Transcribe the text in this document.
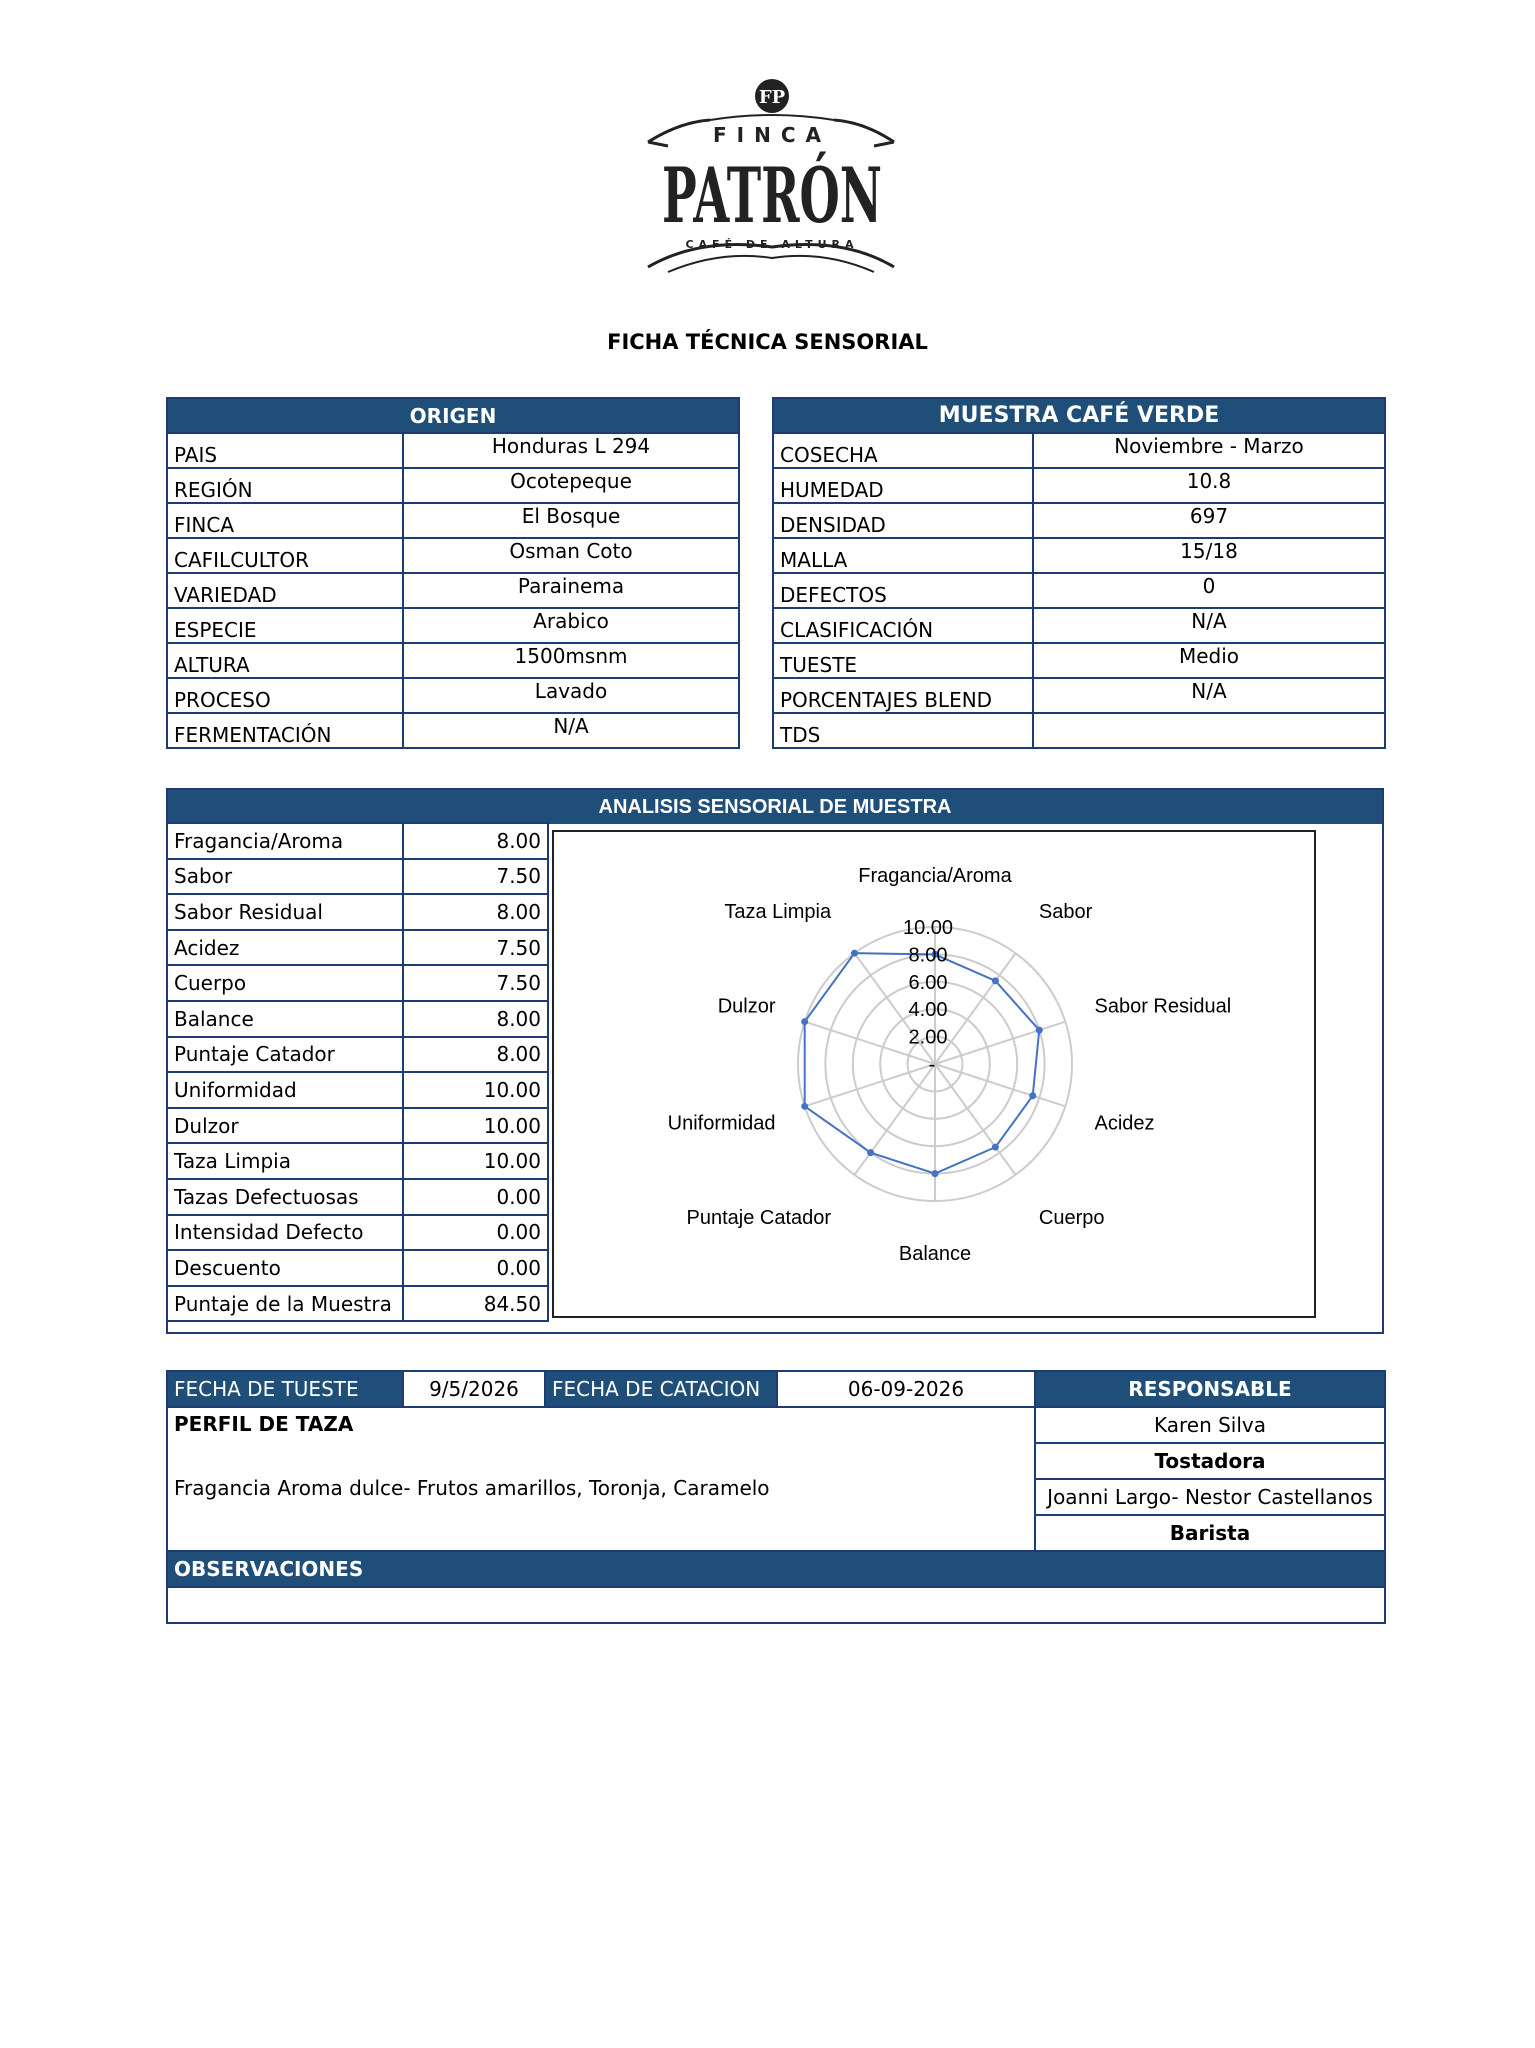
FP
FINCA
PATRÓN
CAFÉ DE ALTURA
FICHA TÉCNICA SENSORIAL
ORIGEN	
PAIS	Honduras L 294
REGIÓN	Ocotepeque
FINCA	El Bosque
CAFILCULTOR	Osman Coto
VARIEDAD	Parainema
ESPECIE	Arabico
ALTURA	1500msnm
PROCESO	Lavado
FERMENTACIÓN	N/A
MUESTRA CAFÉ VERDE	
COSECHA	Noviembre - Marzo
HUMEDAD	10.8
DENSIDAD	697
MALLA	15/18
DEFECTOS	0
CLASIFICACIÓN	N/A
TUESTE	Medio
PORCENTAJES BLEND	N/A
TDS	
ANALISIS SENSORIAL DE MUESTRA
Fragancia/Aroma	8.00
Sabor	7.50
Sabor Residual	8.00
Acidez	7.50
Cuerpo	7.50
Balance	8.00
Puntaje Catador	8.00
Uniformidad	10.00
Dulzor	10.00
Taza Limpia	10.00
Tazas Defectuosas	0.00
Intensidad Defecto	0.00
Descuento	0.00
Puntaje de la Muestra	84.50
-
2.00
4.00
6.00
8.00
10.00
Fragancia/Aroma
Sabor
Sabor Residual
Acidez
Cuerpo
Balance
Puntaje Catador
Uniformidad
Dulzor
Taza Limpia
FECHA DE TUESTE	9/5/2026	FECHA DE CATACION	06-09-2026	RESPONSABLE

PERFIL DE TAZA
Fragancia Aroma dulce- Frutos amarillos, Toronja, Caramelo				Karen Silva
				Tostadora
				Joanni Largo- Nestor Castellanos
				Barista
OBSERVACIONES				
